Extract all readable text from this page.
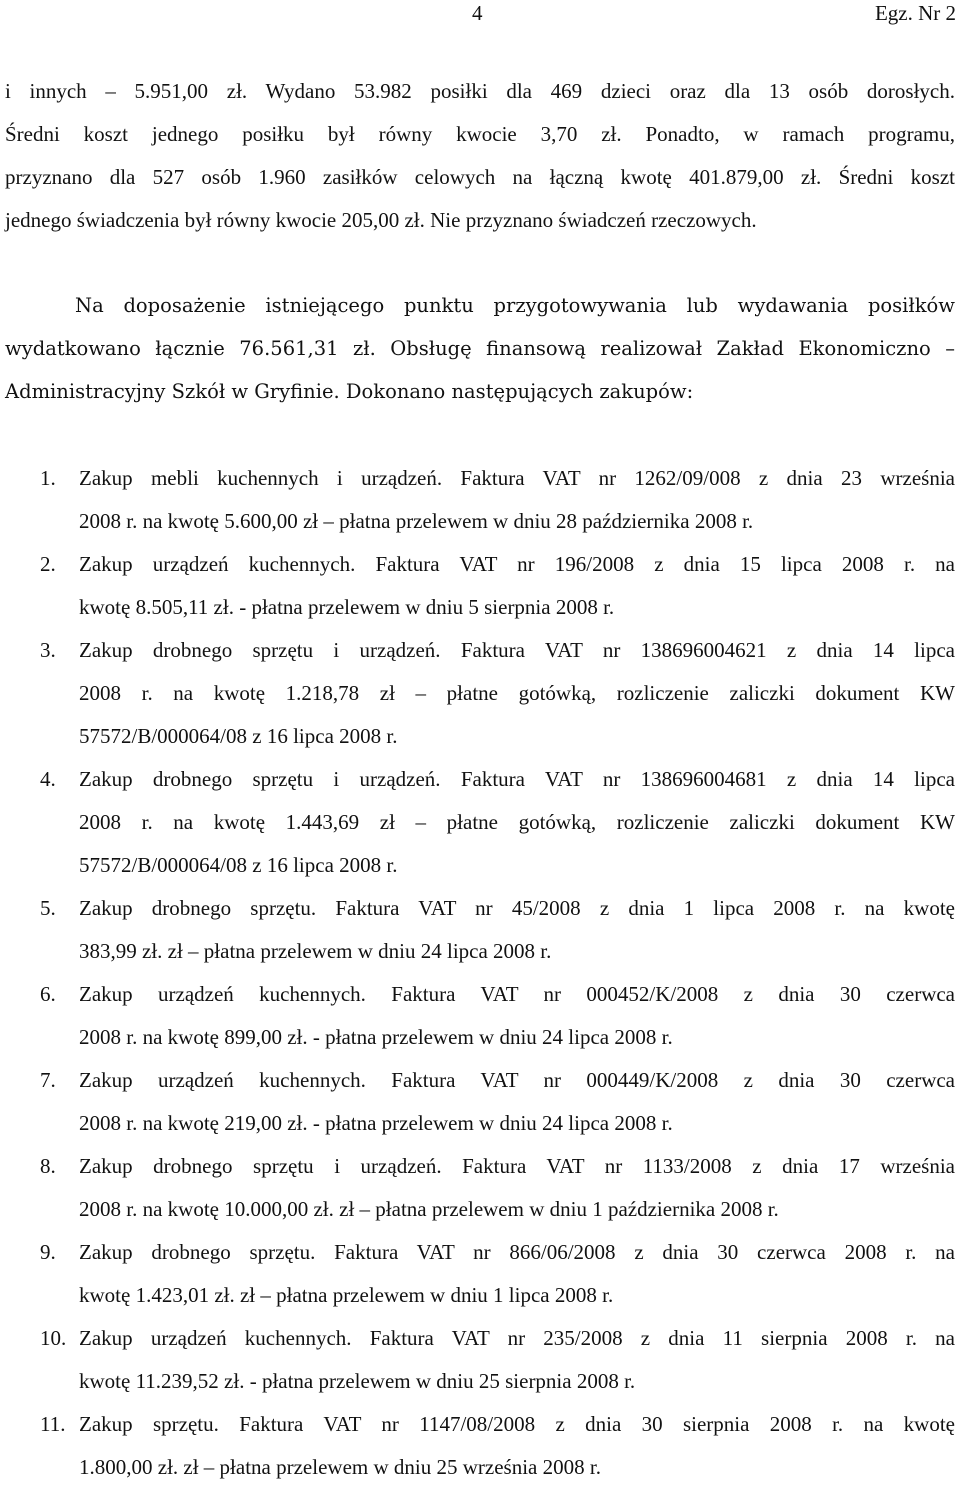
4	Egz. Nr 2
i innych – 5.951,00 zł. Wydano 53.982 posiłki dla 469 dzieci oraz dla 13 osób dorosłych.
Średni koszt jednego posiłku był równy kwocie 3,70 zł. Ponadto, w ramach programu,
przyznano dla 527 osób 1.960 zasiłków celowych na łączną kwotę 401.879,00 zł. Średni koszt
jednego świadczenia był równy kwocie 205,00 zł. Nie przyznano świadczeń rzeczowych.
Na doposażenie istniejącego punktu przygotowywania lub wydawania posiłków
wydatkowano łącznie 76.561,31 zł. Obsługę finansową realizował Zakład Ekonomiczno –
Administracyjny Szkół w Gryfinie. Dokonano następujących zakupów:
1.	Zakup mebli kuchennych i urządzeń. Faktura VAT nr 1262/09/008 z dnia 23 września
2008 r. na kwotę 5.600,00 zł – płatna przelewem w dniu 28 października 2008 r.
2.	Zakup urządzeń kuchennych. Faktura VAT nr 196/2008 z dnia 15 lipca 2008 r. na
kwotę 8.505,11 zł. - płatna przelewem w dniu 5 sierpnia 2008 r.
3.	Zakup drobnego sprzętu i urządzeń. Faktura VAT nr 138696004621 z dnia 14 lipca
2008 r. na kwotę 1.218,78 zł – płatne gotówką, rozliczenie zaliczki dokument KW
57572/B/000064/08 z 16 lipca 2008 r.
4.	Zakup drobnego sprzętu i urządzeń. Faktura VAT nr 138696004681 z dnia 14 lipca
2008 r. na kwotę 1.443,69 zł – płatne gotówką, rozliczenie zaliczki dokument KW
57572/B/000064/08 z 16 lipca 2008 r.
5.	Zakup drobnego sprzętu. Faktura VAT nr 45/2008 z dnia 1 lipca 2008 r. na kwotę
383,99 zł. zł – płatna przelewem w dniu 24 lipca 2008 r.
6.	Zakup urządzeń kuchennych. Faktura VAT nr 000452/K/2008 z dnia 30 czerwca
2008 r. na kwotę 899,00 zł. - płatna przelewem w dniu 24 lipca 2008 r.
7.	Zakup urządzeń kuchennych. Faktura VAT nr 000449/K/2008 z dnia 30 czerwca
2008 r. na kwotę 219,00 zł. - płatna przelewem w dniu 24 lipca 2008 r.
8.	Zakup drobnego sprzętu i urządzeń. Faktura VAT nr 1133/2008 z dnia 17 września
2008 r. na kwotę 10.000,00 zł. zł – płatna przelewem w dniu 1 października 2008 r.
9.	Zakup drobnego sprzętu. Faktura VAT nr 866/06/2008 z dnia 30 czerwca 2008 r. na
kwotę 1.423,01 zł. zł – płatna przelewem w dniu 1 lipca 2008 r.
10. Zakup urządzeń kuchennych. Faktura VAT nr 235/2008 z dnia 11 sierpnia 2008 r. na
kwotę 11.239,52 zł. - płatna przelewem w dniu 25 sierpnia 2008 r.
11. Zakup sprzętu. Faktura VAT nr 1147/08/2008 z dnia 30 sierpnia 2008 r. na kwotę
1.800,00 zł. zł – płatna przelewem w dniu 25 września 2008 r.
